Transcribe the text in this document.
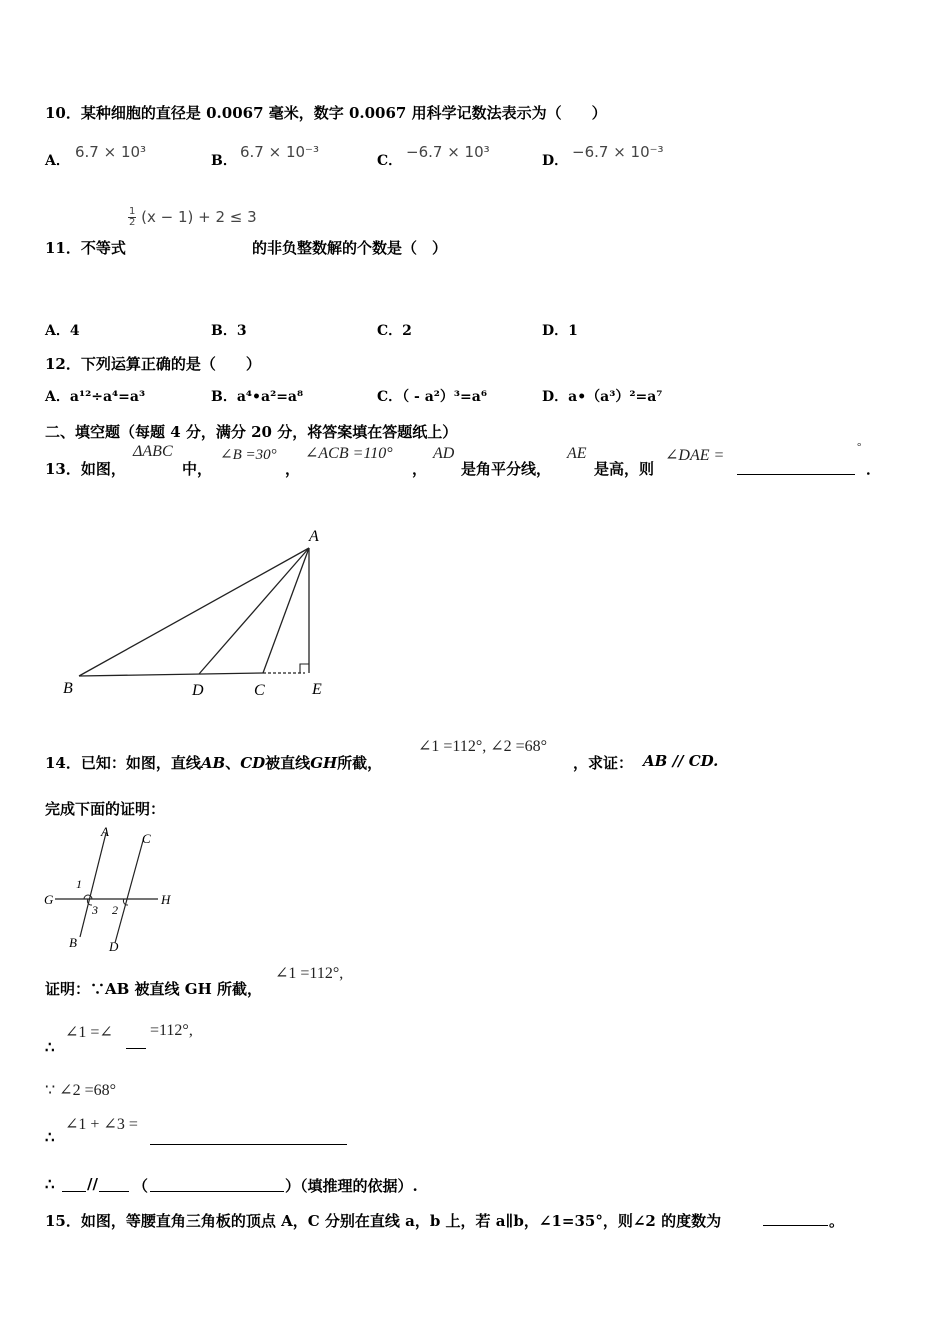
10．某种细胞的直径是 0.0067 毫米，数字 0.0067 用科学记数法表示为（　　）
A． 6.7 × 10³	B． 6.7 × 10⁻³	C． −6.7 × 10³	D． −6.7 × 10⁻³
$\frac{1}{2} (x - 1) + 2 \le 3$
11．不等式	的非负整数解的个数是（　）
A．4	B．3	C．2	D．1
12．下列运算正确的是（　　）
A．a¹²÷a⁴=a³	B．a⁴•a²=a⁸	C．（ - a²）³=a⁶	D．a•（a³）²=a⁷
二、填空题（每题 4 分，满分 20 分，将答案填在答题纸上）
13．如图，
ΔABC
中，
∠B =30°
，
∠ACB =110°
，
AD
是角平分线，
AE
是高，则
∠DAE =	°
．
A
B	D	C	E
14．已知：如图，直线AB、CD被直线GH所截，
∠1 =112°, ∠2 =68°
，求证： AB // CD.
完成下面的证明：
A	C
G	H
B D
1
3 2
证明：∵AB 被直线 GH 所截，
∠1 =112°,
∴
∠1 =∠ =112°,
∵ ∠2 =68°
∴
∠1 + ∠3 =
∴ // （	）（填推理的依据）.
15．如图，等腰直角三角板的顶点 A，C 分别在直线 a，b 上，若 a∥b，∠1=35°，则∠2 的度数为	。
